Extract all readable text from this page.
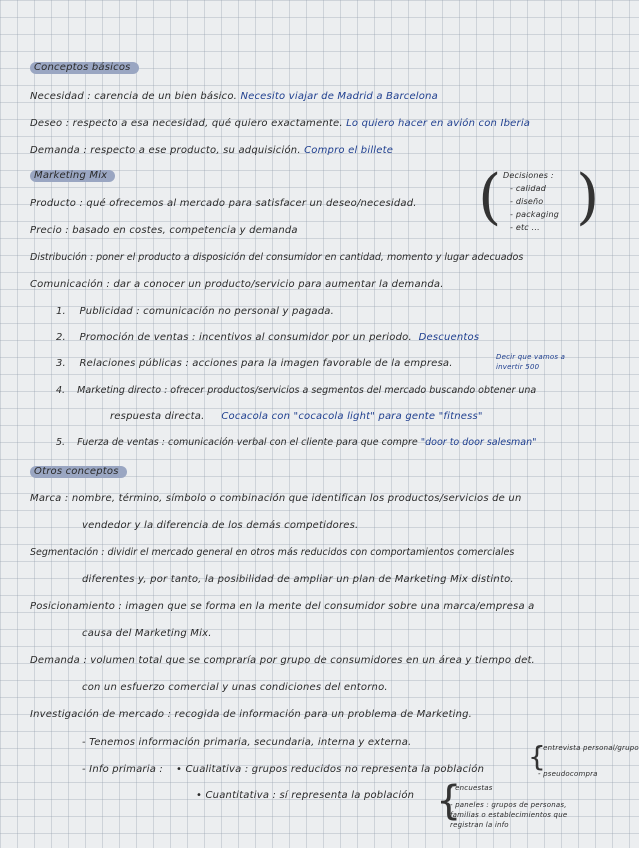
Conceptos básicos
Necesidad : carencia de un bien básico. Necesito viajar de Madrid a Barcelona
Deseo : respecto a esa necesidad, qué quiero exactamente. Lo quiero hacer en avión con Iberia
Demanda : respecto a ese producto, su adquisición. Compro el billete
Marketing Mix	( )
Decisiones :
- calidad
- diseño
- packaging
- etc ...
Producto : qué ofrecemos al mercado para satisfacer un deseo/necesidad.
Precio : basado en costes, competencia y demanda
Distribución : poner el producto a disposición del consumidor en cantidad, momento y lugar adecuados
Comunicación : dar a conocer un producto/servicio para aumentar la demanda.
1. Publicidad : comunicación no personal y pagada.
2. Promoción de ventas : incentivos al consumidor por un periodo. Descuentos
3. Relaciones públicas : acciones para la imagen favorable de la empresa.
Decir que vamos a invertir 500
4. Marketing directo : ofrecer productos/servicios a segmentos del mercado buscando obtener una
respuesta directa. Cocacola con "cocacola light" para gente "fitness"
5. Fuerza de ventas : comunicación verbal con el cliente para que compre "door to door salesman"
Otros conceptos
Marca : nombre, término, símbolo o combinación que identifican los productos/servicios de un
vendedor y la diferencia de los demás competidores.
Segmentación : dividir el mercado general en otros más reducidos con comportamientos comerciales
diferentes y, por tanto, la posibilidad de ampliar un plan de Marketing Mix distinto.
Posicionamiento : imagen que se forma en la mente del consumidor sobre una marca/empresa a
causa del Marketing Mix.
Demanda : volumen total que se compraría por grupo de consumidores en un área y tiempo det.
con un esfuerzo comercial y unas condiciones del entorno.
Investigación de mercado : recogida de información para un problema de Marketing.
- Tenemos información primaria, secundaria, interna y externa.
- Info primaria : • Cualitativa : grupos reducidos no representa la población
• Cuantitativa : sí representa la población
{
- entrevista personal/grupo
- pseudocompra
{
- encuestas
- paneles : grupos de personas, familias o establecimientos que registran la info
